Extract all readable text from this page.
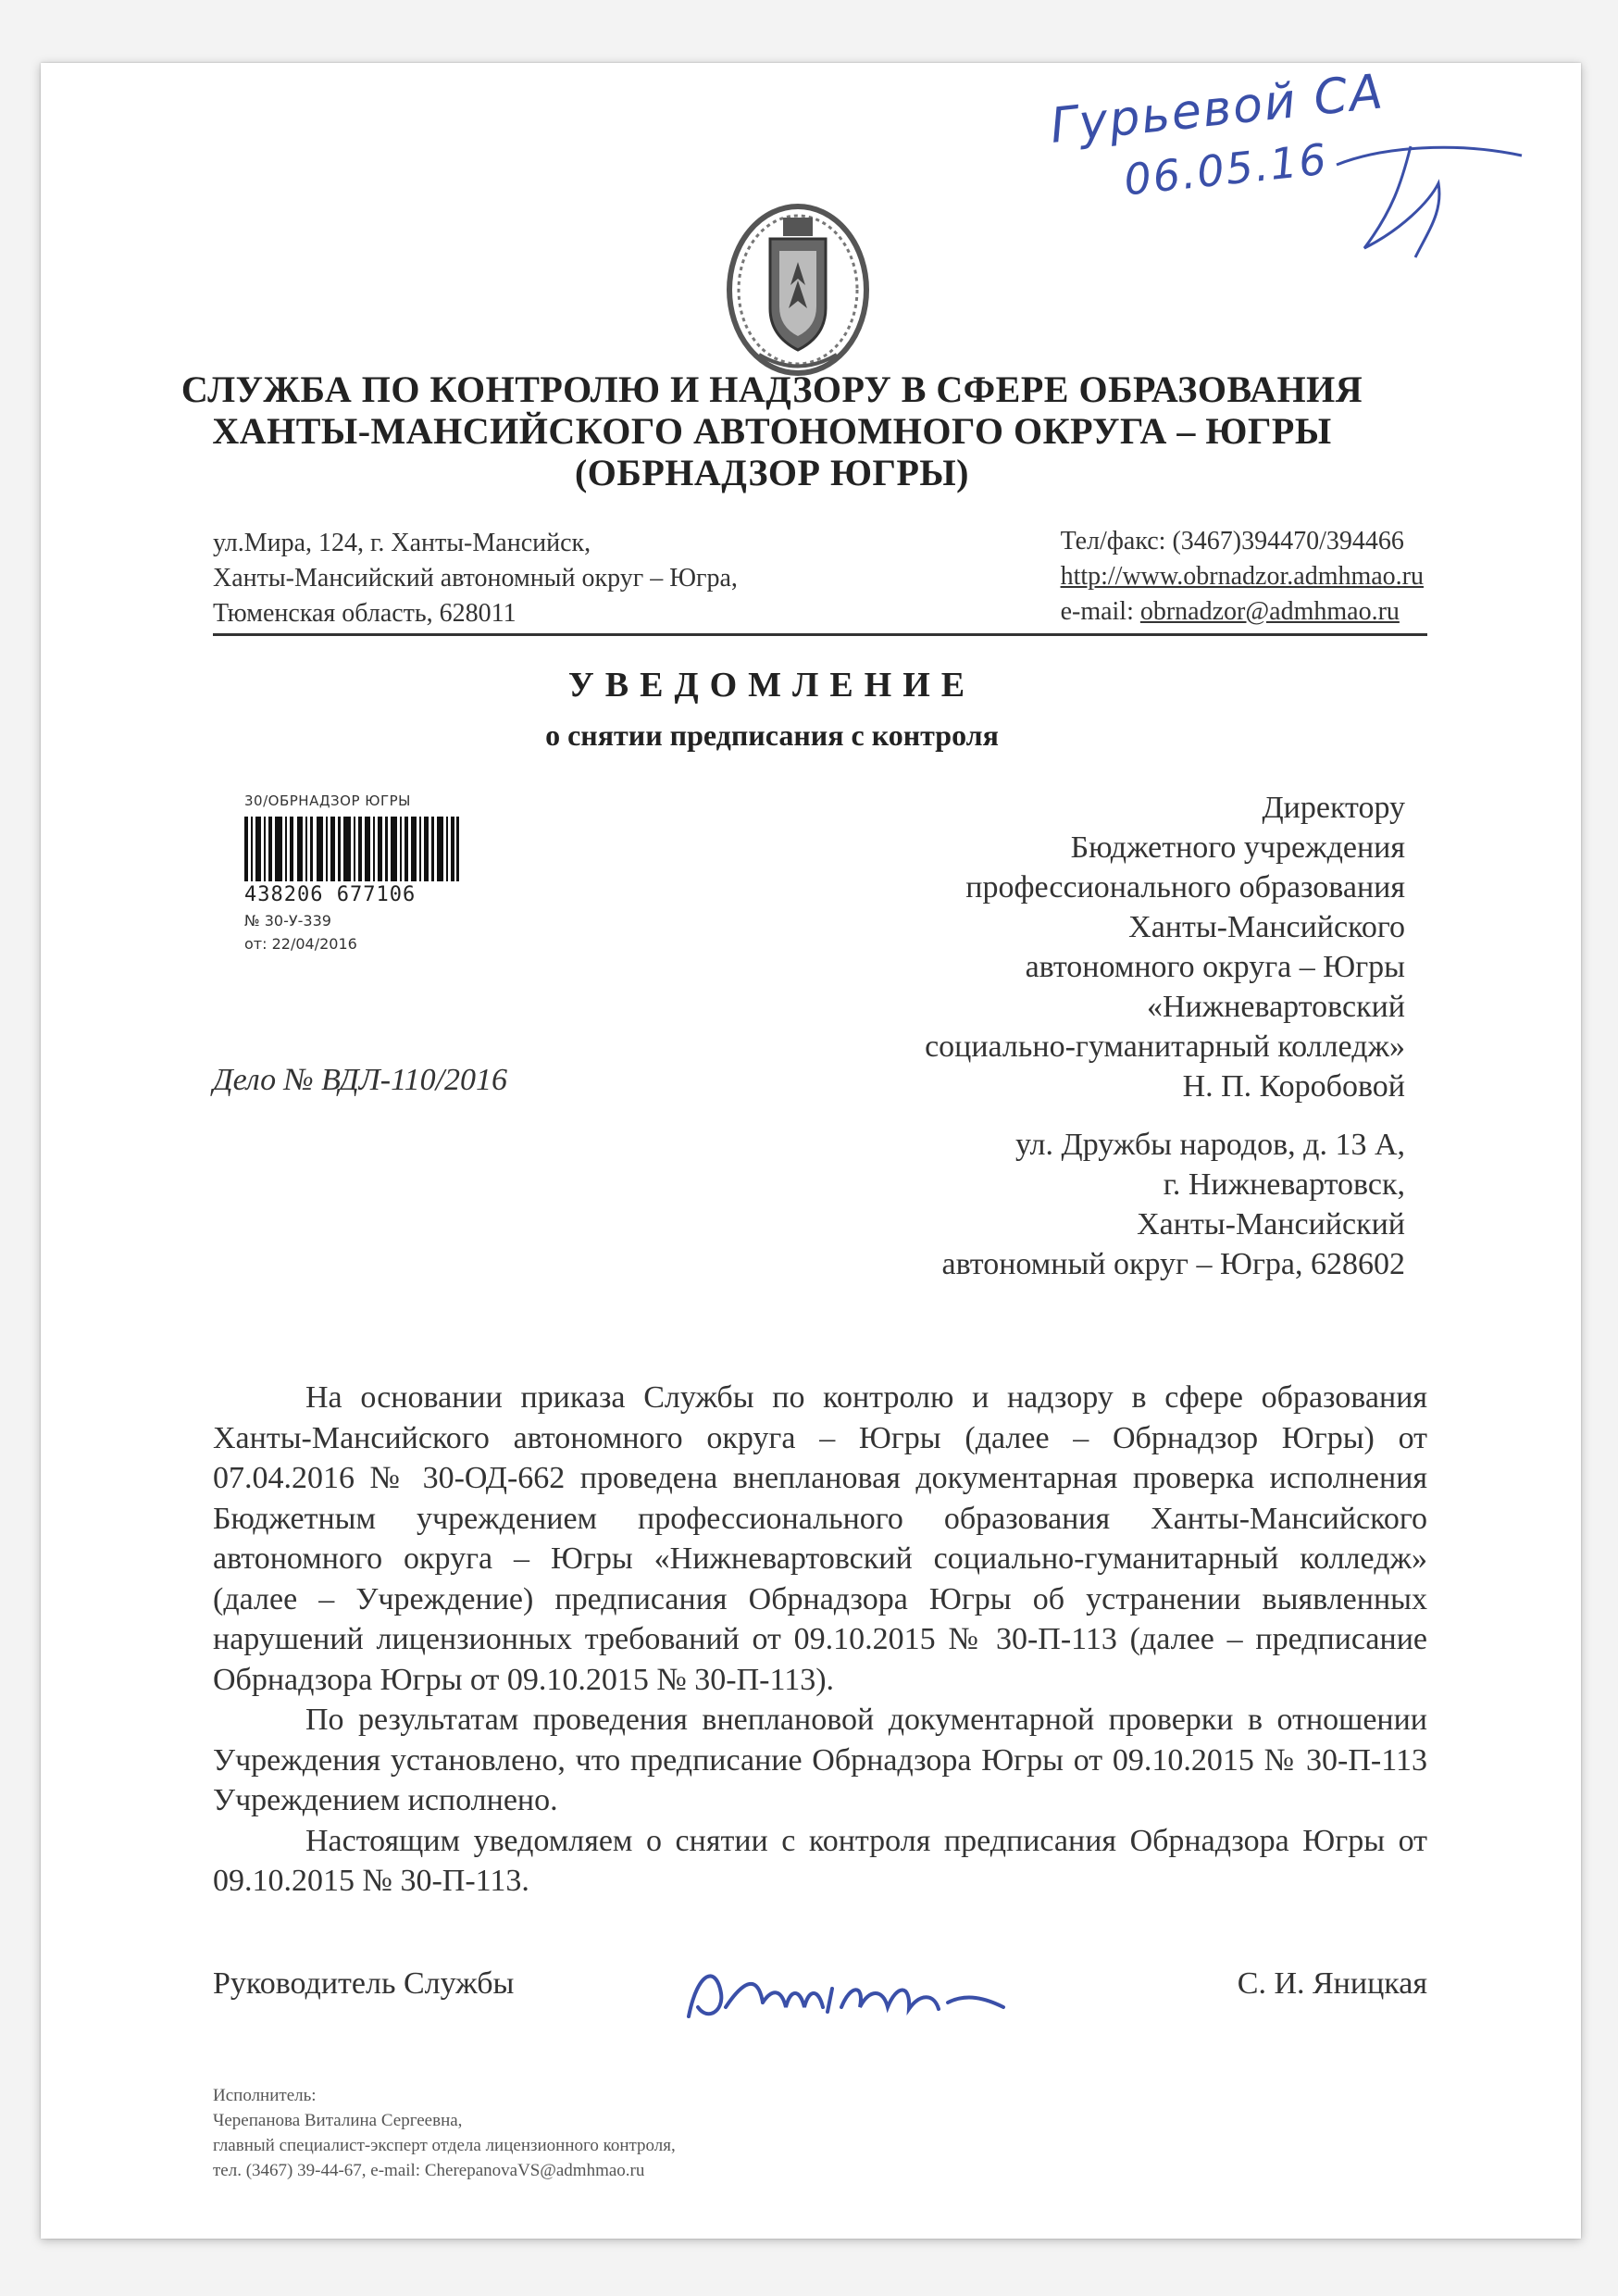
Гурьевой СА
06.05.16
СЛУЖБА ПО КОНТРОЛЮ И НАДЗОРУ В СФЕРЕ ОБРАЗОВАНИЯ
ХАНТЫ-МАНСИЙСКОГО АВТОНОМНОГО ОКРУГА – ЮГРЫ
(ОБРНАДЗОР ЮГРЫ)
ул.Мира, 124, г. Ханты-Мансийск,
Ханты-Мансийский автономный округ – Югра,
Тюменская область, 628011
Тел/факс: (3467)394470/394466
http://www.obrnadzor.admhmao.ru
e-mail: obrnadzor@admhmao.ru
УВЕДОМЛЕНИЕ
о снятии предписания с контроля
30/ОБРНАДЗОР ЮГРЫ
438206 677106
№ 30-У-339
от: 22/04/2016
Директору
Бюджетного учреждения
профессионального образования
Ханты-Мансийского
автономного округа – Югры
«Нижневартовский
социально-гуманитарный колледж»
Н. П. Коробовой
Дело № ВДЛ-110/2016
ул. Дружбы народов, д. 13 А,
г. Нижневартовск,
Ханты-Мансийский
автономный округ – Югра, 628602

На основании приказа Службы по контролю и надзору в сфере образования Ханты-Мансийского автономного округа – Югры (далее – Обрнадзор Югры) от 07.04.2016 № 30-ОД-662 проведена внеплановая документарная проверка исполнения Бюджетным учреждением профессионального образования Ханты-Мансийского автономного округа – Югры «Нижневартовский социально-гуманитарный колледж» (далее – Учреждение) предписания Обрнадзора Югры об устранении выявленных нарушений лицензионных требований от 09.10.2015 № 30-П-113 (далее – предписание Обрнадзора Югры от 09.10.2015 № 30-П-113).

По результатам проведения внеплановой документарной проверки в отношении Учреждения установлено, что предписание Обрнадзора Югры от 09.10.2015 № 30-П-113 Учреждением исполнено.

Настоящим уведомляем о снятии с контроля предписания Обрнадзора Югры от 09.10.2015 № 30-П-113.

Руководитель Службы	С. И. Яницкая
Исполнитель:
Черепанова Виталина Сергеевна,
главный специалист-эксперт отдела лицензионного контроля,
тел. (3467) 39-44-67, e-mail: CherepanovaVS@admhmao.ru
